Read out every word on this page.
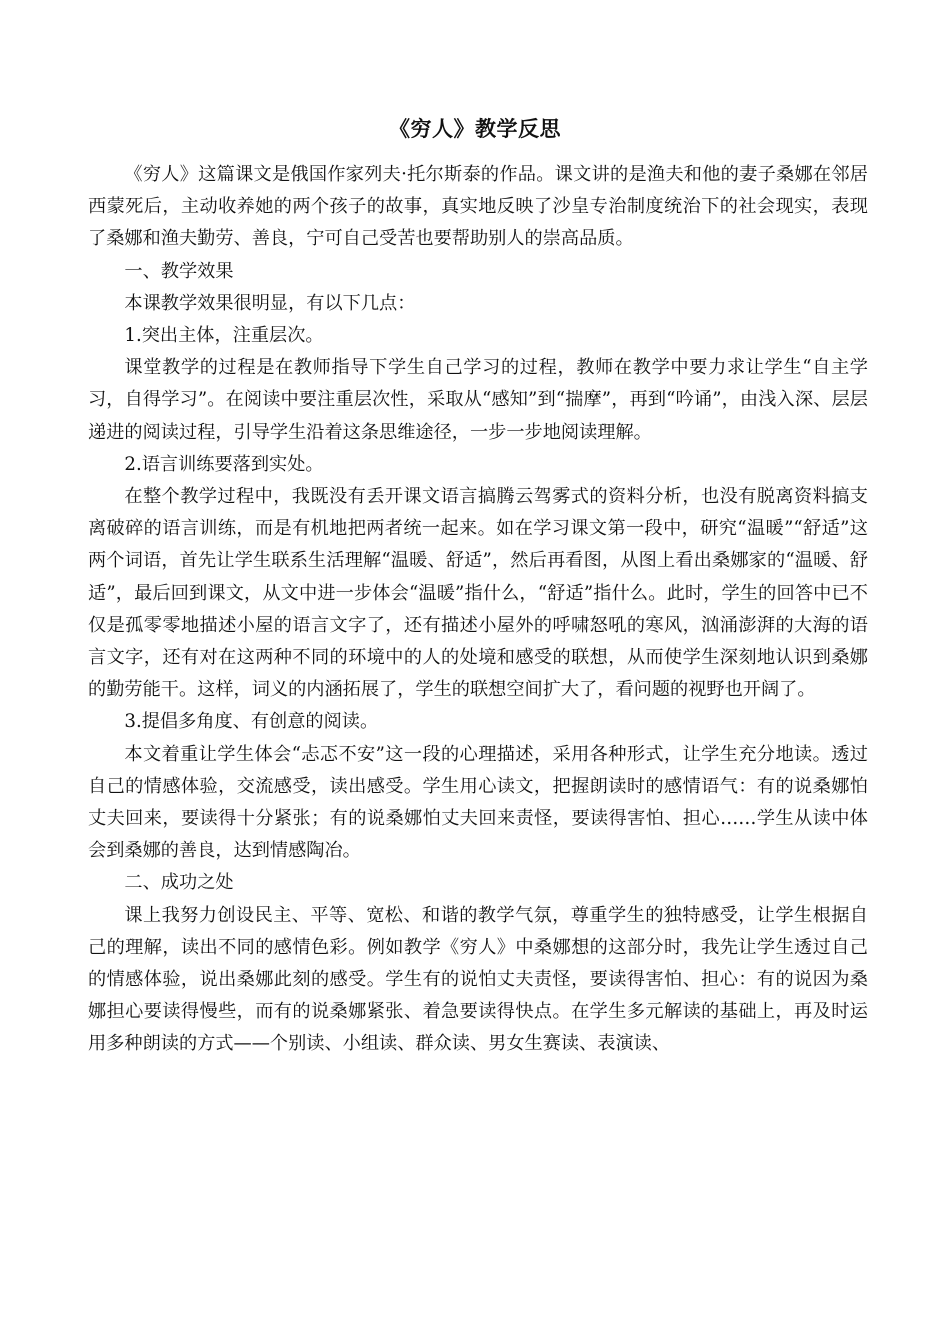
《穷人》教学反思

《穷人》这篇课文是俄国作家列夫·托尔斯泰的作品。课文讲的是渔夫和他的妻子桑娜在邻居西蒙死后，主动收养她的两个孩子的故事，真实地反映了沙皇专治制度统治下的社会现实，表现了桑娜和渔夫勤劳、善良，宁可自己受苦也要帮助别人的崇高品质。

一、教学效果

本课教学效果很明显，有以下几点：

1.突出主体，注重层次。

课堂教学的过程是在教师指导下学生自己学习的过程，教师在教学中要力求让学生“自主学习，自得学习”。在阅读中要注重层次性，采取从“感知”到“揣摩”，再到“吟诵”，由浅入深、层层递进的阅读过程，引导学生沿着这条思维途径，一步一步地阅读理解。

2.语言训练要落到实处。

在整个教学过程中，我既没有丢开课文语言搞腾云驾雾式的资料分析，也没有脱离资料搞支离破碎的语言训练，而是有机地把两者统一起来。如在学习课文第一段中，研究“温暖”“舒适”这两个词语，首先让学生联系生活理解“温暖、舒适”，然后再看图，从图上看出桑娜家的“温暖、舒适”，最后回到课文，从文中进一步体会“温暖”指什么，“舒适”指什么。此时，学生的回答中已不仅是孤零零地描述小屋的语言文字了，还有描述小屋外的呼啸怒吼的寒风，汹涌澎湃的大海的语言文字，还有对在这两种不同的环境中的人的处境和感受的联想，从而使学生深刻地认识到桑娜的勤劳能干。这样，词义的内涵拓展了，学生的联想空间扩大了，看问题的视野也开阔了。

3.提倡多角度、有创意的阅读。

本文着重让学生体会“忐忑不安”这一段的心理描述，采用各种形式，让学生充分地读。透过自己的情感体验，交流感受，读出感受。学生用心读文，把握朗读时的感情语气：有的说桑娜怕丈夫回来，要读得十分紧张；有的说桑娜怕丈夫回来责怪，要读得害怕、担心……学生从读中体会到桑娜的善良，达到情感陶冶。

二、成功之处

课上我努力创设民主、平等、宽松、和谐的教学气氛，尊重学生的独特感受，让学生根据自己的理解，读出不同的感情色彩。例如教学《穷人》中桑娜想的这部分时，我先让学生透过自己的情感体验，说出桑娜此刻的感受。学生有的说怕丈夫责怪，要读得害怕、担心：有的说因为桑娜担心要读得慢些，而有的说桑娜紧张、着急要读得快点。在学生多元解读的基础上，再及时运用多种朗读的方式——个别读、小组读、群众读、男女生赛读、表演读、
